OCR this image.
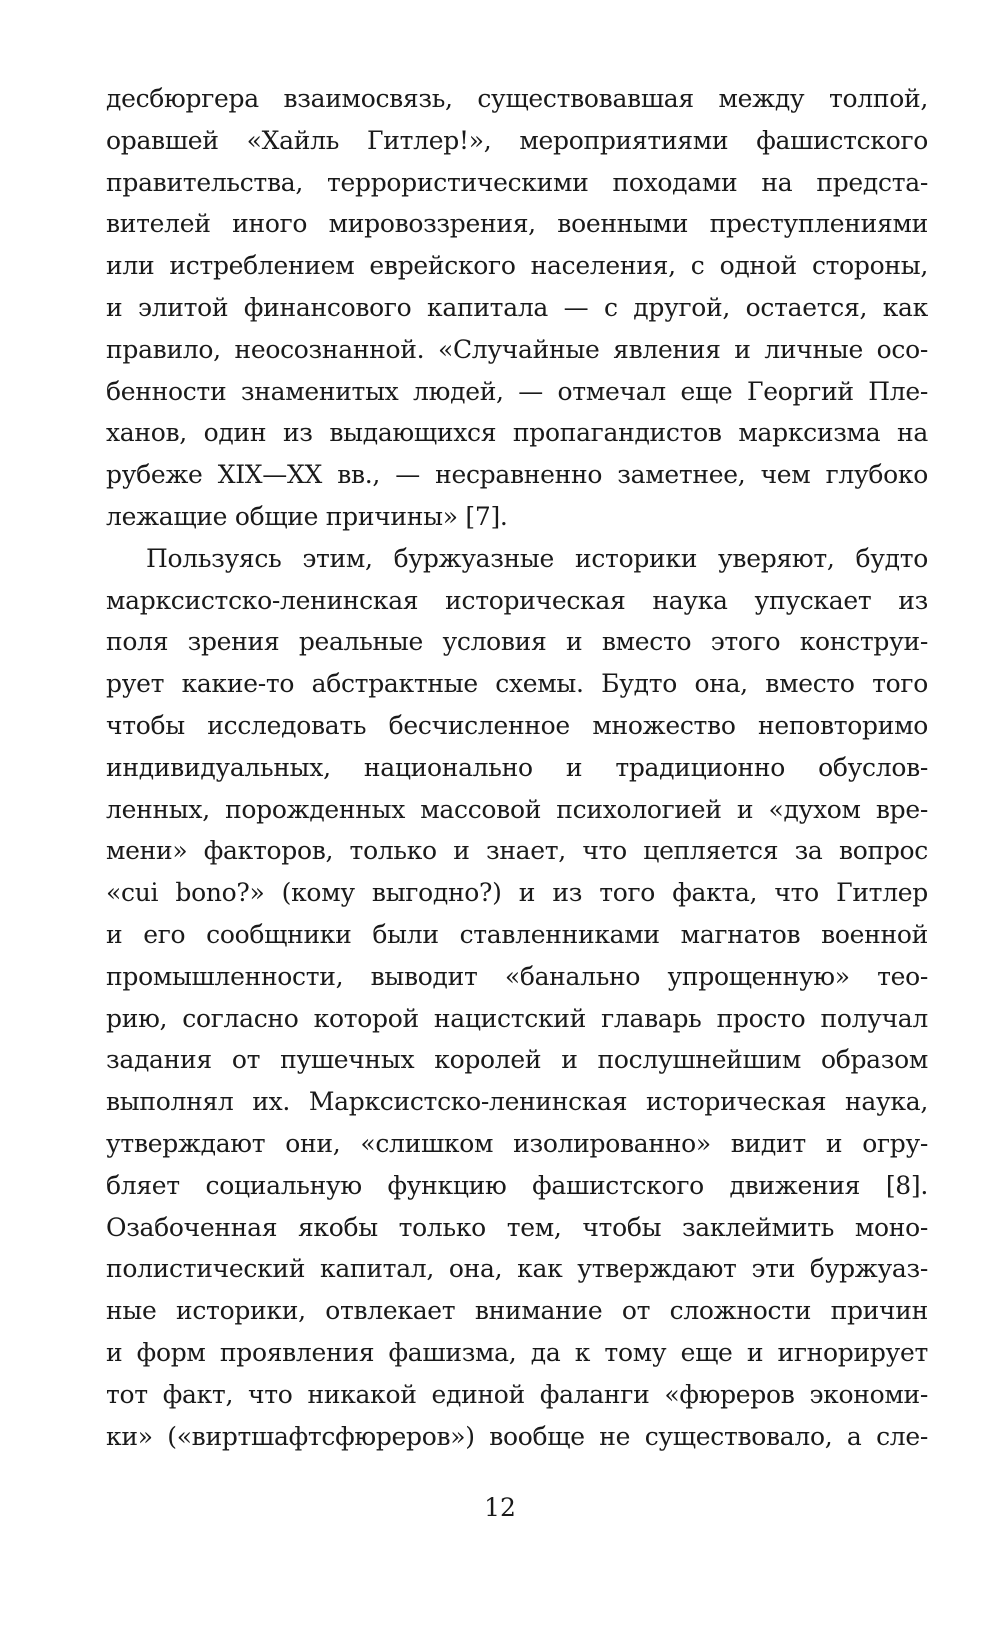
десбюргера взаимосвязь, существовавшая между толпой,
оравшей «Хайль Гитлер!», мероприятиями фашистского
правительства, террористическими походами на предста-
вителей иного мировоззрения, военными преступлениями
или истреблением еврейского населения, с одной стороны,
и элитой финансового капитала — с другой, остается, как
правило, неосознанной. «Случайные явления и личные осо-
бенности знаменитых людей, — отмечал еще Георгий Пле-
ханов, один из выдающихся пропагандистов марксизма на
рубеже XIX—XX вв., — несравненно заметнее, чем глубоко
лежащие общие причины» [7].
Пользуясь этим, буржуазные историки уверяют, будто
марксистско-ленинская историческая наука упускает из
поля зрения реальные условия и вместо этого конструи-
рует какие-то абстрактные схемы. Будто она, вместо того
чтобы исследовать бесчисленное множество неповторимо
индивидуальных, национально и традиционно обуслов-
ленных, порожденных массовой психологией и «духом вре-
мени» факторов, только и знает, что цепляется за вопрос
«cui bono?» (кому выгодно?) и из того факта, что Гитлер
и его сообщники были ставленниками магнатов военной
промышленности, выводит «банально упрощенную» тео-
рию, согласно которой нацистский главарь просто получал
задания от пушечных королей и послушнейшим образом
выполнял их. Марксистско-ленинская историческая наука,
утверждают они, «слишком изолированно» видит и огру-
бляет социальную функцию фашистского движения [8].
Озабоченная якобы только тем, чтобы заклеймить моно-
полистический капитал, она, как утверждают эти буржуаз-
ные историки, отвлекает внимание от сложности причин
и форм проявления фашизма, да к тому еще и игнорирует
тот факт, что никакой единой фаланги «фюреров экономи-
ки» («виртшафтсфюреров») вообще не существовало, а сле-
12
